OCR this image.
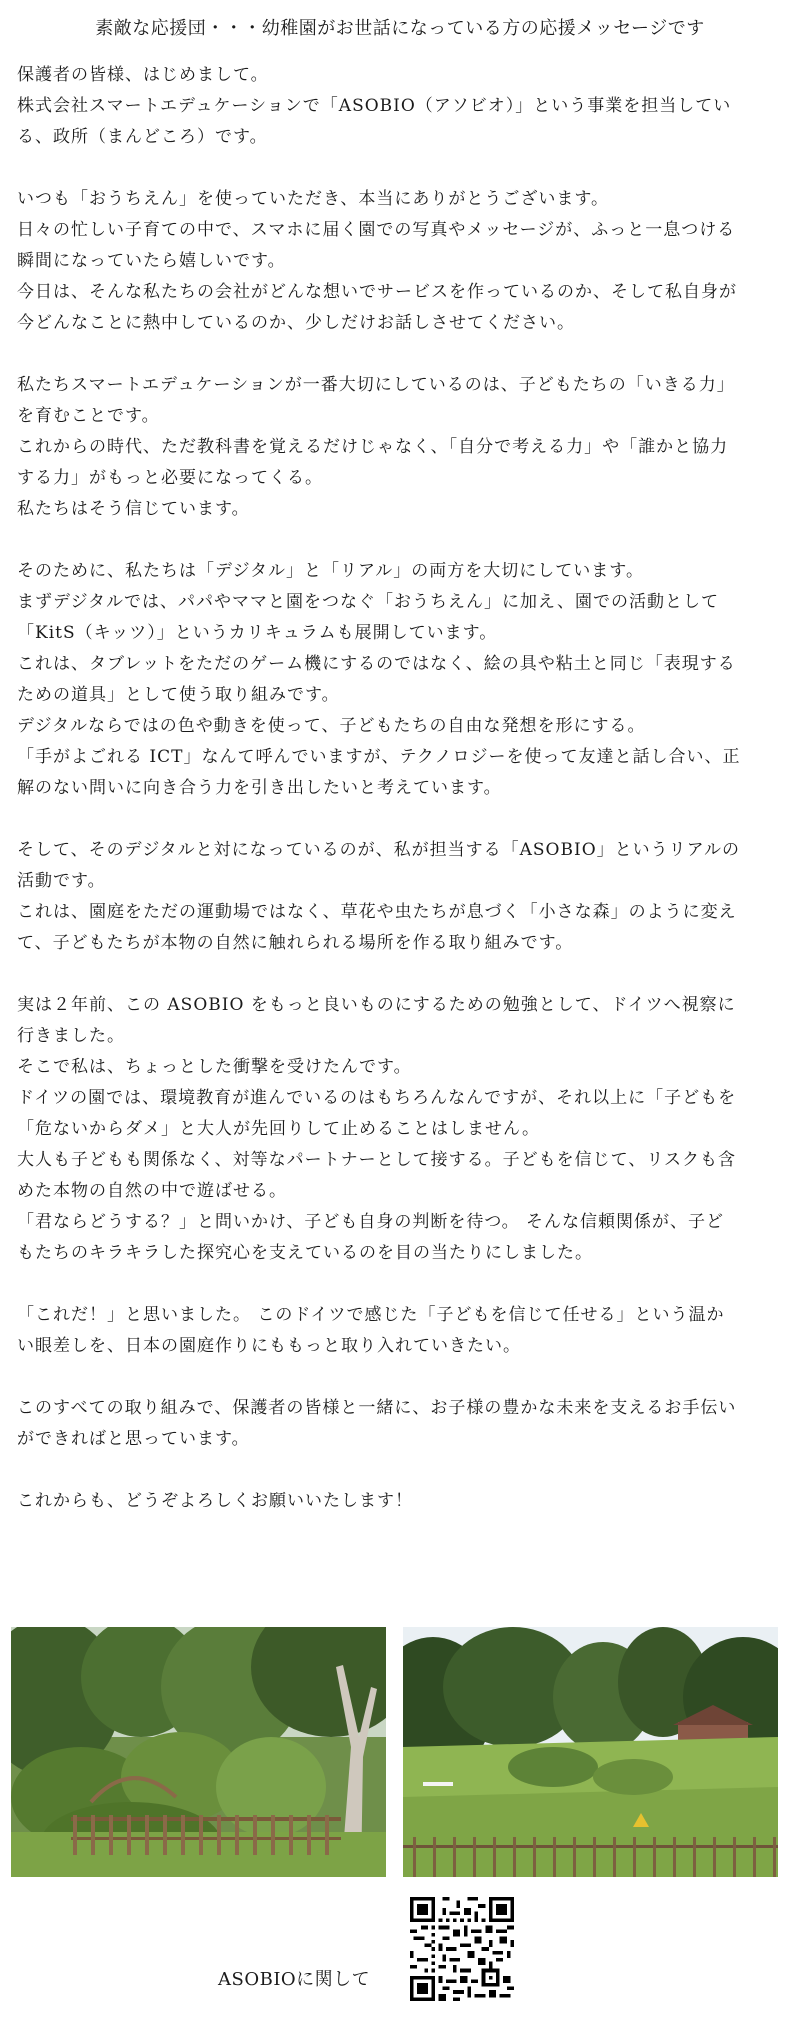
素敵な応援団・・・幼稚園がお世話になっている方の応援メッセージです
保護者の皆様、はじめまして。
株式会社スマートエデュケーションで「ASOBIO（アソビオ）」という事業を担当してい
る、政所（まんどころ）です。
いつも「おうちえん」を使っていただき、本当にありがとうございます。
日々の忙しい子育ての中で、スマホに届く園での写真やメッセージが、ふっと一息つける
瞬間になっていたら嬉しいです。
今日は、そんな私たちの会社がどんな想いでサービスを作っているのか、そして私自身が
今どんなことに熱中しているのか、少しだけお話しさせてください。
私たちスマートエデュケーションが一番大切にしているのは、子どもたちの「いきる力」
を育むことです。
これからの時代、ただ教科書を覚えるだけじゃなく、「自分で考える力」や「誰かと協力
する力」がもっと必要になってくる。
私たちはそう信じています。
そのために、私たちは「デジタル」と「リアル」の両方を大切にしています。
まずデジタルでは、パパやママと園をつなぐ「おうちえん」に加え、園での活動として
「KitS（キッツ）」というカリキュラムも展開しています。
これは、タブレットをただのゲーム機にするのではなく、絵の具や粘土と同じ「表現する
ための道具」として使う取り組みです。
デジタルならではの色や動きを使って、子どもたちの自由な発想を形にする。
「手がよごれる ICT」なんて呼んでいますが、テクノロジーを使って友達と話し合い、正
解のない問いに向き合う力を引き出したいと考えています。
そして、そのデジタルと対になっているのが、私が担当する「ASOBIO」というリアルの
活動です。
これは、園庭をただの運動場ではなく、草花や虫たちが息づく「小さな森」のように変え
て、子どもたちが本物の自然に触れられる場所を作る取り組みです。
実は２年前、この ASOBIO をもっと良いものにするための勉強として、ドイツへ視察に
行きました。
そこで私は、ちょっとした衝撃を受けたんです。
ドイツの園では、環境教育が進んでいるのはもちろんなんですが、それ以上に「子どもを
「危ないからダメ」と大人が先回りして止めることはしません。
大人も子どもも関係なく、対等なパートナーとして接する。子どもを信じて、リスクも含
めた本物の自然の中で遊ばせる。
「君ならどうする？」と問いかけ、子ども自身の判断を待つ。 そんな信頼関係が、子ど
もたちのキラキラした探究心を支えているのを目の当たりにしました。
「これだ！」と思いました。 このドイツで感じた「子どもを信じて任せる」という温か
い眼差しを、日本の園庭作りにももっと取り入れていきたい。
このすべての取り組みで、保護者の皆様と一緒に、お子様の豊かな未来を支えるお手伝い
ができればと思っています。
これからも、どうぞよろしくお願いいたします！
ASOBIOに関して
